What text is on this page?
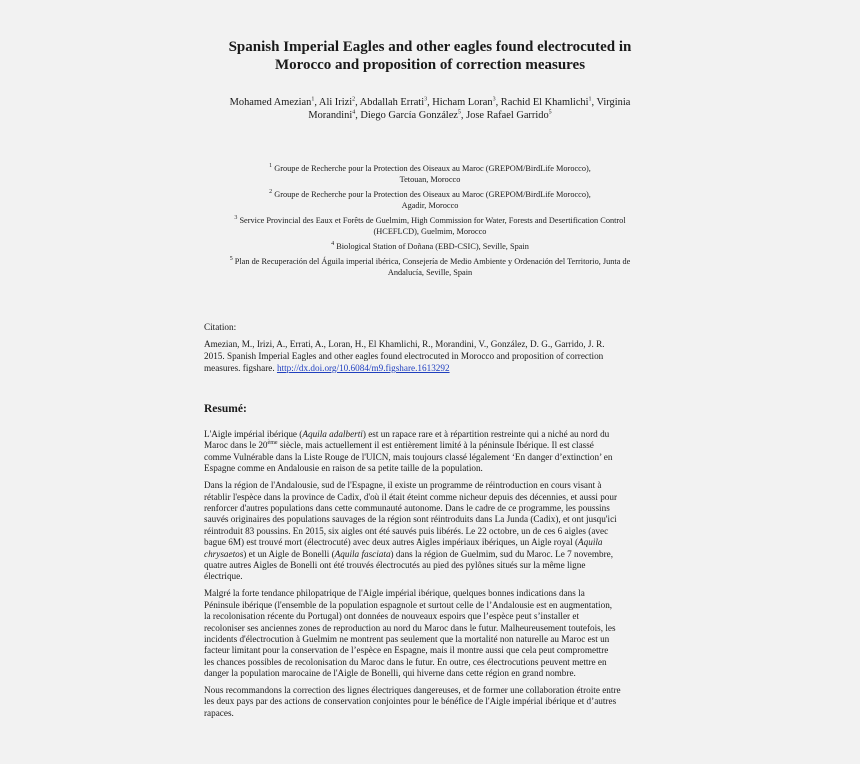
Spanish Imperial Eagles and other eagles found electrocuted in
Morocco and proposition of correction measures
Mohamed Amezian$^1$, Ali Irizi$^2$, Abdallah Errati$^3$, Hicham Loran$^3$, Rachid El Khamlichi$^1$, Virginia
Morandini$^4$, Diego García González$^5$, Jose Rafael Garrido$^5$
$^1$ Groupe de Recherche pour la Protection des Oiseaux au Maroc (GREPOM/BirdLife Morocco),
Tetouan, Morocco
$^2$ Groupe de Recherche pour la Protection des Oiseaux au Maroc (GREPOM/BirdLife Morocco),
Agadir, Morocco
$^3$ Service Provincial des Eaux et Forêts de Guelmim, High Commission for Water, Forests and Desertification Control
(HCEFLCD), Guelmim, Morocco
$^4$ Biological Station of Doñana (EBD-CSIC), Seville, Spain
$^5$ Plan de Recuperación del Águila imperial ibérica, Consejería de Medio Ambiente y Ordenación del Territorio, Junta de
Andalucía, Seville, Spain
Citation:
Amezian, M., Irizi, A., Errati, A., Loran, H., El Khamlichi, R., Morandini, V., González, D. G., Garrido, J. R.
2015. Spanish Imperial Eagles and other eagles found electrocuted in Morocco and proposition of correction
measures. figshare. http://dx.doi.org/10.6084/m9.figshare.1613292
Resumé:
L'Aigle impérial ibérique (Aquila adalberti) est un rapace rare et à répartition restreinte qui a niché au nord du
Maroc dans le 20ème siècle, mais actuellement il est entièrement limité à la péninsule Ibérique. Il est classé
comme Vulnérable dans la Liste Rouge de l'UICN, mais toujours classé légalement ‘En danger d’extinction’ en
Espagne comme en Andalousie en raison de sa petite taille de la population.
Dans la région de l'Andalousie, sud de l'Espagne, il existe un programme de réintroduction en cours visant à
rétablir l'espèce dans la province de Cadix, d'où il était éteint comme nicheur depuis des décennies, et aussi pour
renforcer d'autres populations dans cette communauté autonome. Dans le cadre de ce programme, les poussins
sauvés originaires des populations sauvages de la région sont réintroduits dans La Junda (Cadix), et ont jusqu'ici
réintroduit 83 poussins. En 2015, six aigles ont été sauvés puis libérés. Le 22 octobre, un de ces 6 aigles (avec
bague 6M) est trouvé mort (électrocuté) avec deux autres Aigles impériaux ibériques, un Aigle royal (Aquila
chrysaetos) et un Aigle de Bonelli (Aquila fasciata) dans la région de Guelmim, sud du Maroc. Le 7 novembre,
quatre autres Aigles de Bonelli ont été trouvés électrocutés au pied des pylônes situés sur la même ligne
électrique.
Malgré la forte tendance philopatrique de l'Aigle impérial ibérique, quelques bonnes indications dans la
Péninsule ibérique (l'ensemble de la population espagnole et surtout celle de l’Andalousie est en augmentation,
la recolonisation récente du Portugal) ont données de nouveaux espoirs que l’espèce peut s’installer et
recoloniser ses anciennes zones de reproduction au nord du Maroc dans le futur. Malheureusement toutefois, les
incidents d'électrocution à Guelmim ne montrent pas seulement que la mortalité non naturelle au Maroc est un
facteur limitant pour la conservation de l’espèce en Espagne, mais il montre aussi que cela peut compromettre
les chances possibles de recolonisation du Maroc dans le futur. En outre, ces électrocutions peuvent mettre en
danger la population marocaine de l'Aigle de Bonelli, qui hiverne dans cette région en grand nombre.
Nous recommandons la correction des lignes électriques dangereuses, et de former une collaboration étroite entre
les deux pays par des actions de conservation conjointes pour le bénéfice de l'Aigle impérial ibérique et d’autres
rapaces.
